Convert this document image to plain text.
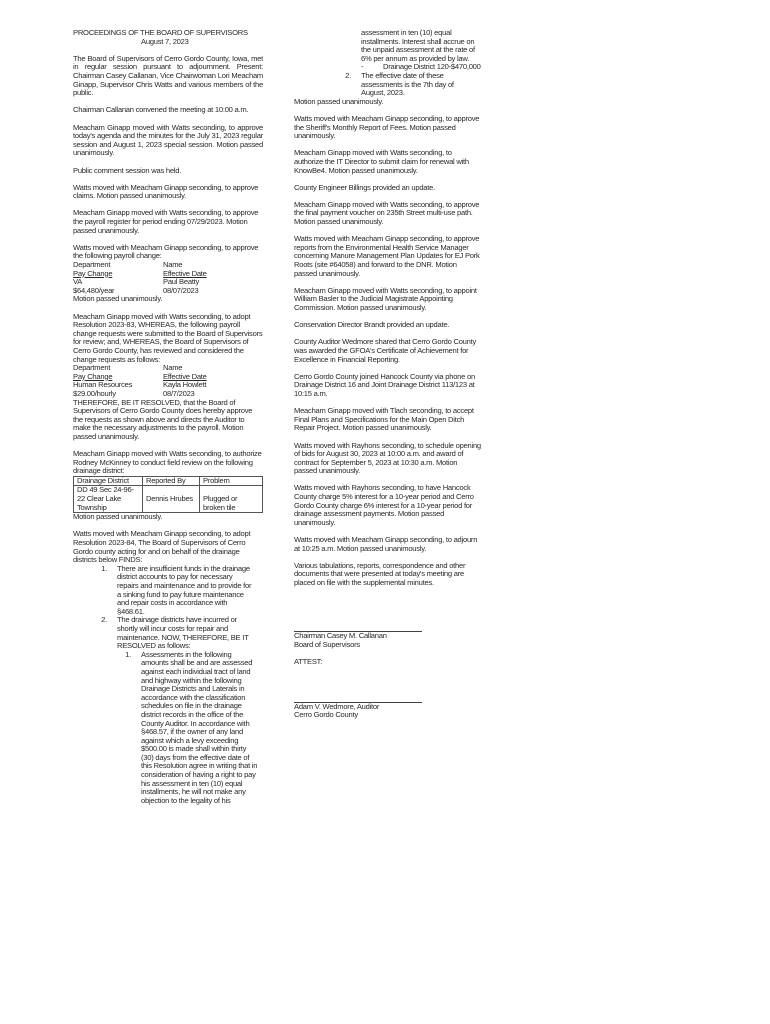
PROCEEDINGS OF THE BOARD OF SUPERVISORS

August 7, 2023

The Board of Supervisors of Cerro Gordo County, Iowa, met in regular session pursuant to adjournment. Present: Chairman Casey Callanan, Vice Chairwoman Lori Meacham Ginapp, Supervisor Chris Watts and various members of the public.

Chairman Callanan convened the meeting at 10:00 a.m.

Meacham Ginapp moved with Watts seconding, to approve today's agenda and the minutes for the July 31, 2023 regular session and August 1, 2023 special session. Motion passed unanimously.

Public comment session was held.

Watts moved with Meacham Ginapp seconding, to approve claims. Motion passed unanimously.

Meacham Ginapp moved with Watts seconding, to approve the payroll register for period ending 07/29/2023. Motion passed unanimously.

Watts moved with Meacham Ginapp seconding, to approve the following payroll change:

Department	Name
Pay Change	Effective Date
VA	Paul Beatty
$64,480/year	08/07/2023

Motion passed unanimously.

Meacham Ginapp moved with Watts seconding, to adopt Resolution 2023-83, WHEREAS, the following payroll change requests were submitted to the Board of Supervisors for review; and, WHEREAS, the Board of Supervisors of Cerro Gordo County, has reviewed and considered the change requests as follows:

Department	Name
Pay Change	Effective Date
Human Resources	Kayla Howlett
$29.00/hourly	08/7/2023

THEREFORE, BE IT RESOLVED, that the Board of Supervisors of Cerro Gordo County does hereby approve the requests as shown above and directs the Auditor to make the necessary adjustments to the payroll. Motion passed unanimously.

Meacham Ginapp moved with Watts seconding, to authorize Rodney McKinney to conduct field review on the following drainage district:

Drainage District	Reported By	Problem
DD 49 Sec 24-96-22 Clear Lake Township	Dennis Hrubes	Plugged or broken tile

Motion passed unanimously.

Watts moved with Meacham Ginapp seconding, to adopt Resolution 2023-84, The Board of Supervisors of Cerro Gordo county acting for and on behalf of the drainage districts below FINDS:

1.	There are insufficient funds in the drainage district accounts to pay for necessary repairs and maintenance and to provide for a sinking fund to pay future maintenance and repair costs in accordance with §468.61.
2.	The drainage districts have incurred or shortly will incur costs for repair and maintenance. NOW, THEREFORE, BE IT RESOLVED as follows:
1.	Assessments in the following amounts shall be and are assessed against each individual tract of land and highway within the following Drainage Districts and Laterals in accordance with the classification schedules on file in the drainage district records in the office of the County Auditor. In accordance with §468.57, if the owner of any land against which a levy exceeding $500.00 is made shall within thirty (30) days from the effective date of this Resolution agree in writing that in consideration of having a right to pay his assessment in ten (10) equal installments, he will not make any objection to the legality of his

assessment in ten (10) equal installments. Interest shall accrue on the unpaid assessment at the rate of 6% per annum as provided by law.

-	Drainage District 120-$470,000
2.	The effective date of these assessments is the 7th day of August, 2023.

Motion passed unanimously.

Watts moved with Meacham Ginapp seconding, to approve the Sheriff's Monthly Report of Fees. Motion passed unanimously.

Meacham Ginapp moved with Watts seconding, to authorize the IT Director to submit claim for renewal with KnowBe4. Motion passed unanimously.

County Engineer Billings provided an update.

Meacham Ginapp moved with Watts seconding, to approve the final payment voucher on 235th Street multi-use path. Motion passed unanimously.

Watts moved with Meacham Ginapp seconding, to approve reports from the Environmental Health Service Manager concerning Manure Management Plan Updates for EJ Pork Roots (site #64058) and forward to the DNR. Motion passed unanimously.

Meacham Ginapp moved with Watts seconding, to appoint William Basler to the Judicial Magistrate Appointing Commission. Motion passed unanimously.

Conservation Director Brandt provided an update.

County Auditor Wedmore shared that Cerro Gordo County was awarded the GFOA's Certificate of Achievement for Excellence in Financial Reporting.

Cerro Gordo County joined Hancock County via phone on Drainage District 16 and Joint Drainage District 113/123 at 10:15 a.m.

Meacham Ginapp moved with Tlach seconding, to accept Final Plans and Specifications for the Main Open Ditch Repair Project. Motion passed unanimously.

Watts moved with Rayhons seconding, to schedule opening of bids for August 30, 2023 at 10:00 a.m. and award of contract for September 5, 2023 at 10:30 a.m. Motion passed unanimously.

Watts moved with Rayhons seconding, to have Hancock County charge 5% interest for a 10-year period and Cerro Gordo County charge 6% interest for a 10-year period for drainage assessment payments. Motion passed unanimously.

Watts moved with Meacham Ginapp seconding, to adjourn at 10:25 a.m. Motion passed unanimously.

Various tabulations, reports, correspondence and other documents that were presented at today's meeting are placed on file with the supplemental minutes.

Chairman Casey M. Callanan

Board of Supervisors

ATTEST:

Adam V. Wedmore, Auditor

Cerro Gordo County
